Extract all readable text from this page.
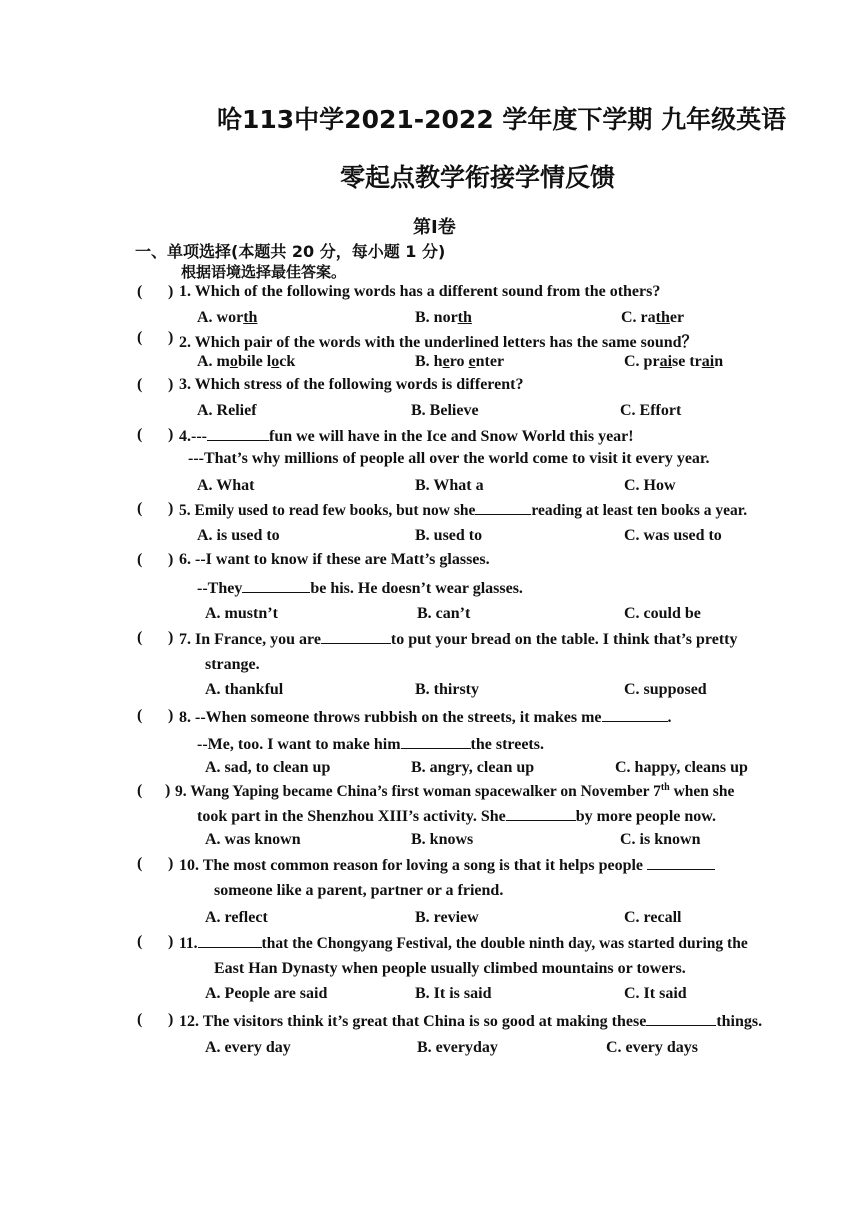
哈113中学2021-2022 学年度下学期 九年级英语
零起点教学衔接学情反馈
第Ⅰ卷
一、单项选择(本题共 20 分，每小题 1 分)
根据语境选择最佳答案。
( ) 1. Which of the following words has a different sound from the others?
A. worth	B. north	C. rather
( ) 2. Which pair of the words with the underlined letters has the same sound？
A. mobile lock	B. hero enter	C. praise train
( ) 3. Which stress of the following words is different?
A. Relief	B. Believe	C. Effort
( ) 4.---	fun we will have in the Ice and Snow World this year!
---That’s why millions of people all over the world come to visit it every year.
A. What	B. What a	C. How
( ) 5. Emily used to read few books, but now she	reading at least ten books a year.
A. is used to	B. used to	C. was used to
( ) 6. --I want to know if these are Matt’s glasses.
--They	be his. He doesn’t wear glasses.
A. mustn’t	B. can’t	C. could be
( ) 7. In France, you are	to put your bread on the table. I think that’s pretty
strange.
A. thankful	B. thirsty	C. supposed
( ) 8. --When someone throws rubbish on the streets, it makes me	.
--Me, too. I want to make him	the streets.
A. sad, to clean up	B. angry, clean up	C. happy, cleans up
( ) 9. Wang Yaping became China’s first woman spacewalker on November 7th when she
took part in the Shenzhou XIII’s activity. She	by more people now.
A. was known	B. knows	C. is known
( ) 10. The most common reason for loving a song is that it helps people
someone like a parent, partner or a friend.
A. reflect	B. review	C. recall
( ) 11.	that the Chongyang Festival, the double ninth day, was started during the
East Han Dynasty when people usually climbed mountains or towers.
A. People are said	B. It is said	C. It said
( ) 12. The visitors think it’s great that China is so good at making these	things.
A. every day	B. everyday	C. every days
